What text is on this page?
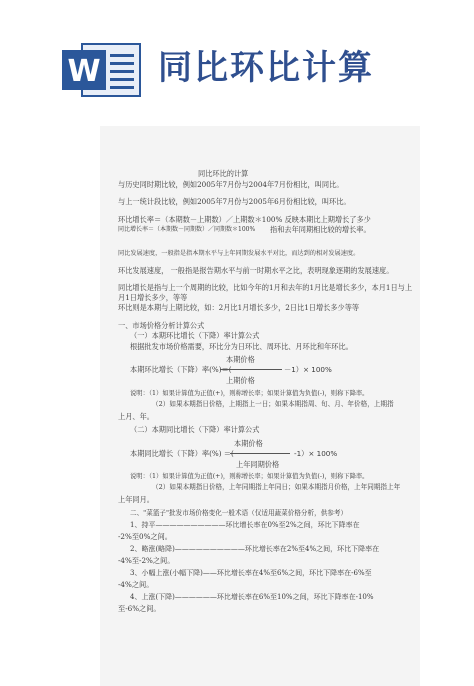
W 同比环比计算
同比环比的计算
与历史同时期比较，例如2005年7月份与2004年7月份相比，叫同比。
与上一统计段比较，例如2005年7月份与2005年6月份相比较，叫环比。
环比增长率＝（本期数－上期数）／上期数＊100% 反映本期比上期增长了多少
同比增长率＝（本期数－同期数）／同期数＊100% 指和去年同期相比较的增长率。
同比发展速度，一般指是指本期水平与上年同期发展水平对比，而达到的相对发展速度。
环比发展速度， 一般指是报告期水平与前一时期水平之比，表明现象逐期的发展速度。
同比增长是指与上一个周期的比较，比如今年的1月和去年的1月比是增长多少，本月1日与上
月1日增长多少，等等
环比则是本期与上期比较，如：2月比1月增长多少，2日比1日增长多少等等
一、市场价格分析计算公式
（一）本期环比增长（下降）率计算公式
根据批发市场价格需要，环比分为日环比、周环比、月环比和年环比。
本期价格
本期环比增长（下降）率(%)＝(	－1）× 100%
上期价格
说明：（1）如果计算值为正值(+)，则称增长率；如果计算值为负值(-)，则称下降率。
（2）如果本期指日价格，上期指上一日；如果本期指周、旬、月、年价格，上期指
上月、年。
（二）本期同比增长（下降）率计算公式
本期价格
本期同比增长（下降）率(%) ＝(	-1）× 100%
上年同期价格
说明：（1）如果计算值为正值(+)，则称增长率；如果计算值为负值(-)，则称下降率。
（2）如果本期指日价格，上年同期指上年同日；如果本期指月价格，上年同期指上年
上年同月。
二、"菜篮子"批发市场价格变化一般术语（仅适用蔬菜价格分析，供参考）
1、持平——————————环比增长率在0%至2%之间，环比下降率在
-2%至0%之间。
2、略涨(略降)——————————环比增长率在2%至4%之间，环比下降率在
-4%至-2%之间。
3、小幅上涨(小幅下降)——环比增长率在4%至6%之间，环比下降率在-6%至
-4%之间。
4、上涨(下降)——————环比增长率在6%至10%之间，环比下降率在-10%
至-6%之间。
